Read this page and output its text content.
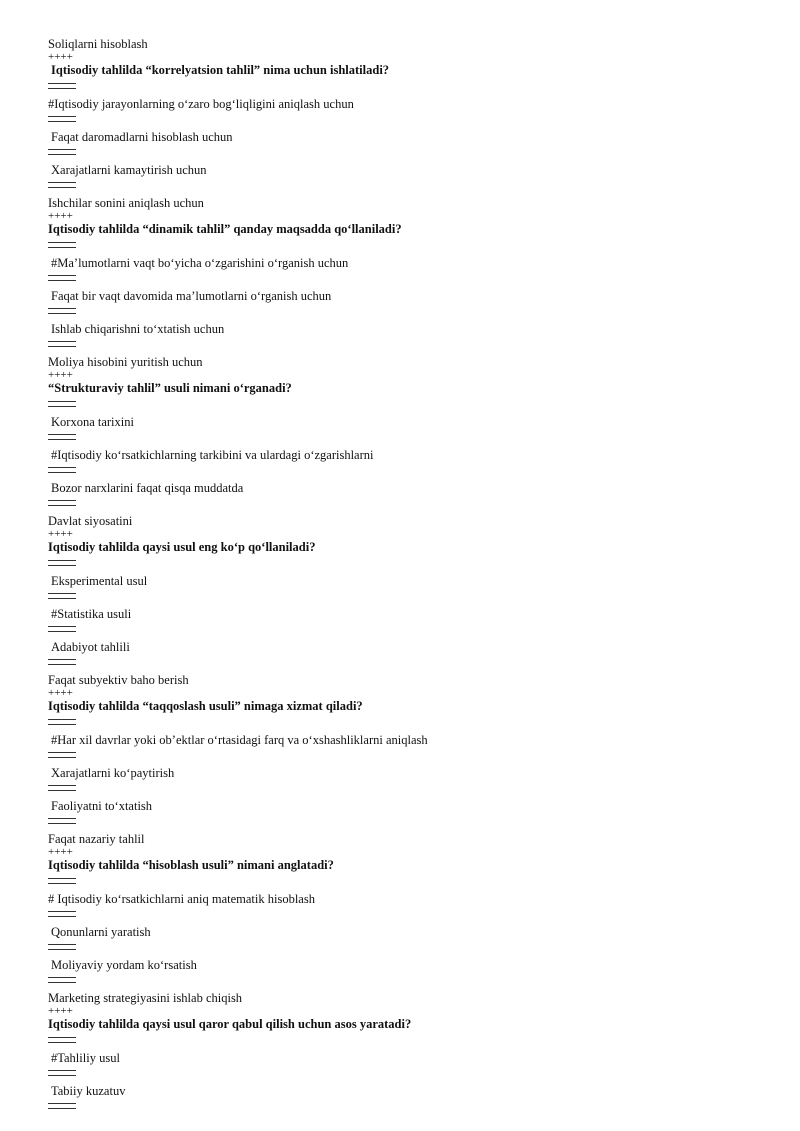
Soliqlarni hisoblash
++++
Iqtisodiy tahlilda “korrelyatsion tahlil” nima uchun ishlatiladi?
#Iqtisodiy jarayonlarning o‘zaro bog‘liqligini aniqlash uchun
Faqat daromadlarni hisoblash uchun
Xarajatlarni kamaytirish uchun
Ishchilar sonini aniqlash uchun
++++
Iqtisodiy tahlilda “dinamik tahlil” qanday maqsadda qo‘llaniladi?
#Ma’lumotlarni vaqt bo‘yicha o‘zgarishini o‘rganish uchun
Faqat bir vaqt davomida ma’lumotlarni o‘rganish uchun
Ishlab chiqarishni to‘xtatish uchun
Moliya hisobini yuritish uchun
++++
“Strukturaviy tahlil” usuli nimani o‘rganadi?
Korxona tarixini
#Iqtisodiy ko‘rsatkichlarning tarkibini va ulardagi o‘zgarishlarni
Bozor narxlarini faqat qisqa muddatda
Davlat siyosatini
++++
Iqtisodiy tahlilda qaysi usul eng ko‘p qo‘llaniladi?
Eksperimental usul
#Statistika usuli
Adabiyot tahlili
Faqat subyektiv baho berish
++++
Iqtisodiy tahlilda “taqqoslash usuli” nimaga xizmat qiladi?
#Har xil davrlar yoki ob’ektlar o‘rtasidagi farq va o‘xshashliklarni aniqlash
Xarajatlarni ko‘paytirish
Faoliyatni to‘xtatish
Faqat nazariy tahlil
++++
Iqtisodiy tahlilda “hisoblash usuli” nimani anglatadi?
# Iqtisodiy ko‘rsatkichlarni aniq matematik hisoblash
Qonunlarni yaratish
Moliyaviy yordam ko‘rsatish
Marketing strategiyasini ishlab chiqish
++++
Iqtisodiy tahlilda qaysi usul qaror qabul qilish uchun asos yaratadi?
#Tahliliy usul
Tabiiy kuzatuv
